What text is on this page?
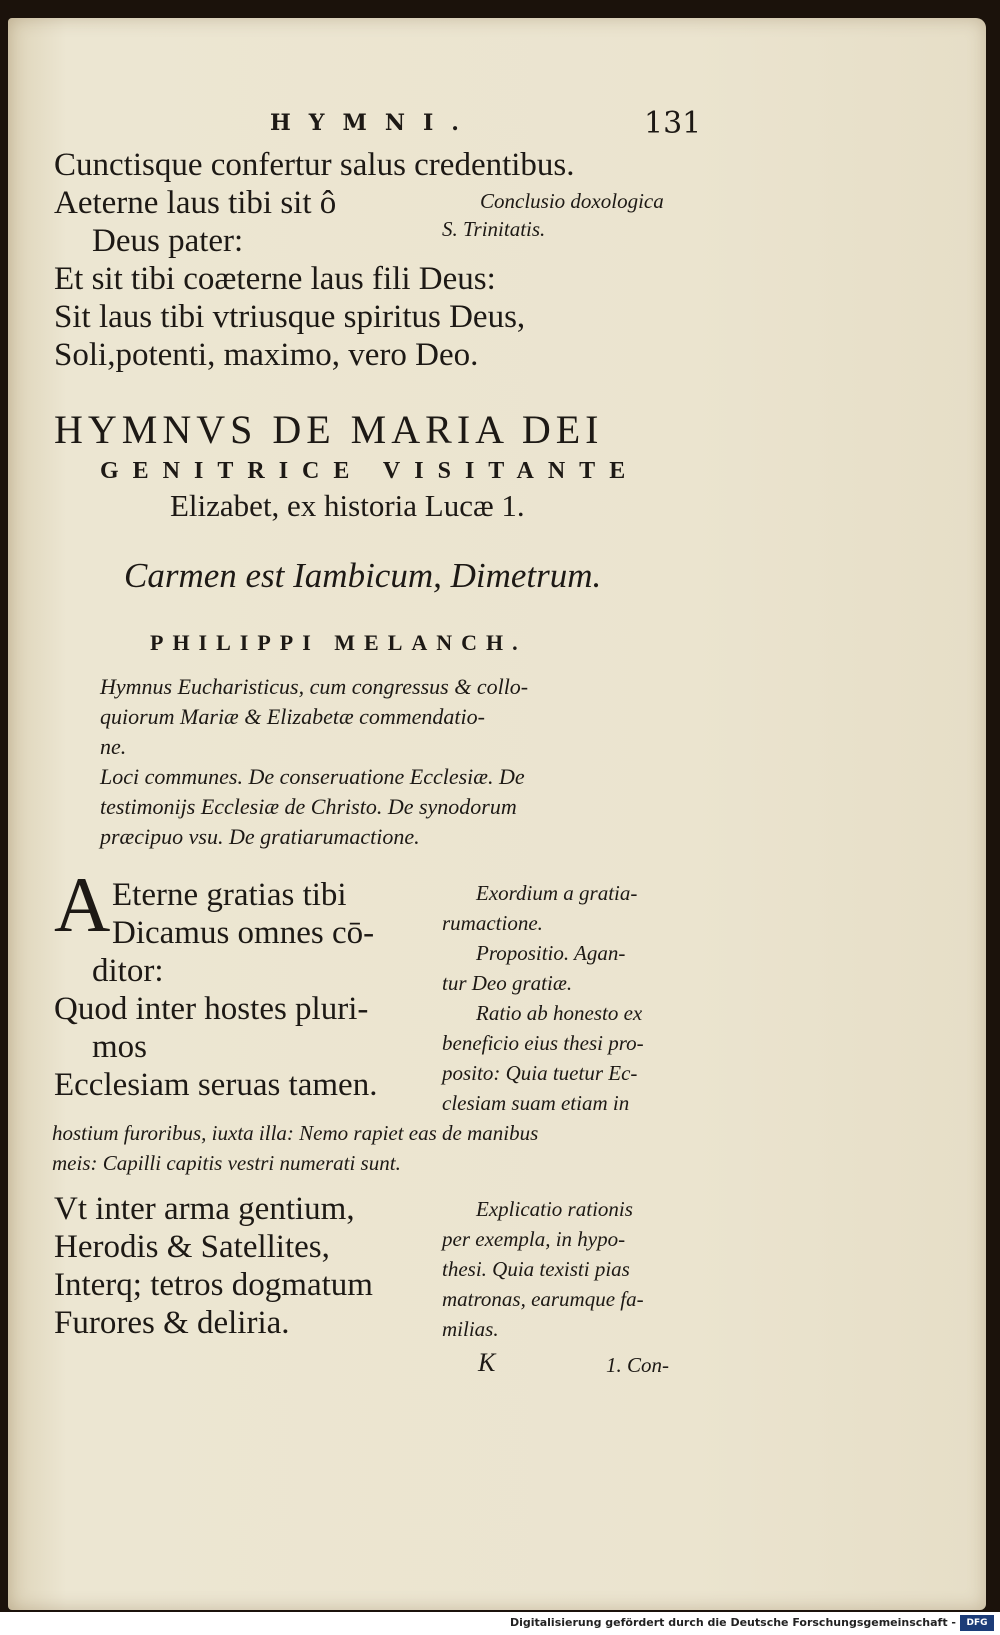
HYMNI.	131
Cunctisque confertur salus credentibus.
Aeterne laus tibi sit ô
Deus pater:
Et sit tibi coæterne laus fili Deus:
Sit laus tibi vtriusque spiritus Deus,
Soli,potenti, maximo, vero Deo.
Conclusio doxologica
S. Trinitatis.
HYMNVS DE MARIA DEI
GENITRICE VISITANTE
Elizabet, ex historia Lucæ 1.
Carmen est Iambicum, Dimetrum.
PHILIPPI MELANCH.
Hymnus Eucharisticus, cum congressus & collo-
quiorum Mariæ & Elizabetæ commendatio-
ne.
Loci communes. De conseruatione Ecclesiæ. De
testimonijs Ecclesiæ de Christo. De synodorum
præcipuo vsu. De gratiarumactione.
A Eterne gratias tibi
Dicamus omnes cō-
ditor:
Quod inter hostes pluri-
mos
Ecclesiam seruas tamen.
Exordium a gratia-
rumactione.
Propositio. Agan-
tur Deo gratiæ.
Ratio ab honesto ex
beneficio eius thesi pro-
posito: Quia tuetur Ec-
clesiam suam etiam in
hostium furoribus, iuxta illa: Nemo rapiet eas de manibus
meis: Capilli capitis vestri numerati sunt.
Vt inter arma gentium,
Herodis & Satellites,
Interq; tetros dogmatum
Furores & deliria.
Explicatio rationis
per exempla, in hypo-
thesi. Quia texisti pias
matronas, earumque fa-
milias.
K	1. Con-
Digitalisierung gefördert durch die Deutsche Forschungsgemeinschaft -	DFG
